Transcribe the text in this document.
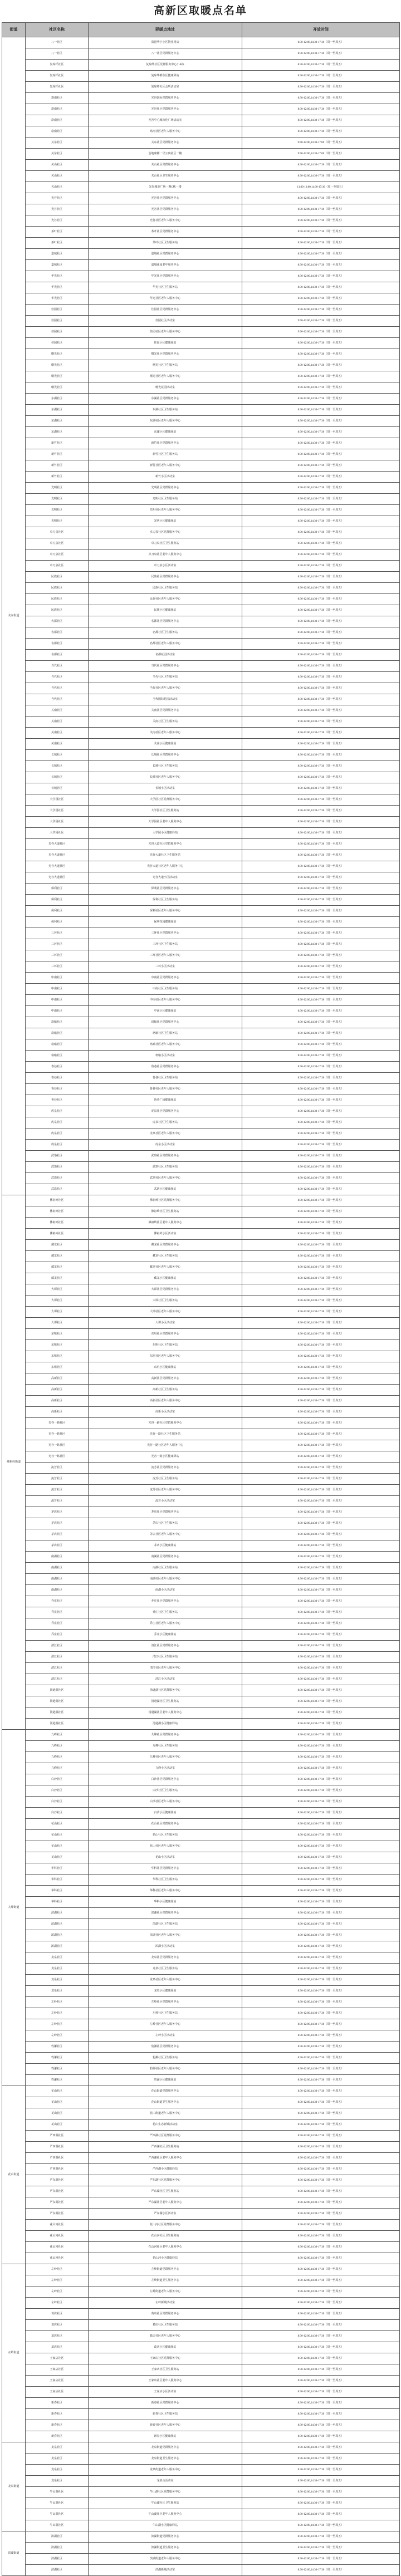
高新区取暖点名单
街道	社区名称	驿暖点地址	开放时间
关东街道	八一社区	盈港华宇小区物业用房	8:30-12:00,14:30-17:30（周一至周五）
	八一社区	八一社区党群服务中心	8:30-12:00,14:30-17:30（周一至周五）
	复琼纤社区	复琼纤社区党群服务中心小A栋	8:30-12:00,14:30-17:30（周一至周五）
	复琼纤社区	复琼华都东区健康驿站	8:30-12:00,14:30-17:30（周一至周五）
	复琼纤社区	复琼纤社区会所活动室	8:30-12:00,14:30-17:30（周一至周五）
	珞南社区	光谷国际党群服务中心	8:30-12:00,14:30-17:30（周一至周五）
	珞南社区	光谷社区党群服务中心	8:30-12:00,14:30-17:30（周一至周五）
	珞南社区	光谷中心城市化广场活动室	8:30-12:00,14:30-17:30（周一至周五）
	珞南社区	珞南社区老年人服务中心	8:30-12:00,14:30-17:30（周一至周五）
	关东社区	关东社区党群服务中心	9:00-12:00,14:30-17:00（周一至周五）
	关东社区	金地康郡一号公寓社区一楼	9:00-12:00,14:30-17:00（周一至周五）
	关山社区	关山社区党群服务中心	8:30-12:00,14:30-17:30（周一至周五）
	关山社区	关山社区卫生服务中心	8:30-12:00,14:30-17:30（周一至周五）
	关山社区	光谷城市广场一期C栋一楼	11:00-12:00,14:30-17:30（周一至周五）
	光谷社区	光谷社区党群服务中心	8:30-12:00,14:30-17:30（周一至周五）
	光谷社区	光谷社区党群服务中心	8:30-12:00,14:30-17:30（周一至周五）
	光谷社区	光谷社区老年人服务中心	8:30-12:00,14:30-17:30（周一至周五）
	茶叶社区	茶叶社区党群服务中心	8:30-12:00,14:30-17:30（周一至周五）
	茶叶社区	茶叶社区卫生服务站	8:30-12:00,14:30-17:30（周一至周五）
	嘉城社区	嘉城社区党群服务中心	8:30-12:00,14:30-17:30（周一至周五）
	嘉城社区	嘉城花园老年服务中心	8:30-12:00,14:30-17:30（周一至周五）
	华光社区	华光社区党群服务中心	8:30-12:00,14:30-17:30（周一至周五）
	华光社区	华光社区卫生服务站	8:30-12:00,14:30-17:30（周一至周五）
	华光社区	华光社区老年人服务中心	8:30-12:00,14:30-17:30（周一至周五）
	佳园社区	佳园社区党群服务中心	8:30-12:00,14:30-17:30（周一至周五）
	佳园社区	佳园社区活动室	9:00-12:00,14:30-17:30（周一至周五）
	佳园社区	佳园社区老年人服务中心	9:00-12:00,14:30-17:30（周一至周五）
	佳园社区	佳园小区健康驿站	8:30-12:00,14:30-17:30（周一至周五）
	曙光社区	曙光社区党群服务中心	8:30-12:00,14:30-17:30（周一至周五）
	曙光社区	曙光社区卫生服务站	8:30-12:00,14:30-17:30（周一至周五）
	曙光社区	曙光社区老年人服务中心	8:30-12:00,14:30-17:30（周一至周五）
	曙光社区	曙光花园活动室	8:30-12:00,14:30-17:30（周一至周五）
	东湖社区	东湖社区党群服务中心	8:30-12:00,14:30-17:30（周一至周五）
	东湖社区	东湖社区卫生服务站	8:30-12:00,14:30-17:30（周一至周五）
	东湖社区	东湖社区老年人服务中心	8:30-12:00,14:30-17:30（周一至周五）
	东湖社区	东湖小区健康驿站	8:30-12:00,14:30-17:30（周一至周五）
	新竹社区	新竹社区党群服务中心	8:30-12:00,14:30-17:30（周一至周五）
	新竹社区	新竹社区卫生服务站	8:30-12:00,14:30-17:30（周一至周五）
	新竹社区	新竹社区老年人服务中心	8:30-12:00,14:30-17:30（周一至周五）
	新竹社区	新竹小区活动室	8:30-12:00,14:30-17:30（周一至周五）
	光明社区	光明社区党群服务中心	8:30-12:00,14:30-17:30（周一至周五）
	光明社区	光明社区卫生服务站	8:30-12:00,14:30-17:30（周一至周五）
	光明社区	光明社区老年人服务中心	8:30-12:00,14:30-17:30（周一至周五）
	光明社区	光明小区健康驿站	8:30-12:00,14:30-17:30（周一至周五）
	卓刀泉社区	卓刀泉社区党群服务中心	8:30-12:00,14:30-17:30（周一至周五）
	卓刀泉社区	卓刀泉社区卫生服务站	8:30-12:00,14:30-17:30（周一至周五）
	卓刀泉社区	卓刀泉社区老年人服务中心	8:30-12:00,14:30-17:30（周一至周五）
	卓刀泉社区	卓刀泉小区活动室	8:30-12:00,14:30-17:30（周一至周五）
	民族社区	民族社区党群服务中心	8:30-12:00,14:30-17:30（周一至周五）
	民族社区	民族社区卫生服务站	8:30-12:00,14:30-17:30（周一至周五）
	民族社区	民族社区老年人服务中心	8:30-12:00,14:30-17:30（周一至周五）
	民族社区	民族小区健康驿站	8:30-12:00,14:30-17:30（周一至周五）
	名都社区	名都社区党群服务中心	8:30-12:00,14:30-17:30（周一至周五）
	名都社区	名都社区卫生服务站	8:30-12:00,14:30-17:30（周一至周五）
	名都社区	名都社区老年人服务中心	8:30-12:00,14:30-17:30（周一至周五）
	名都社区	名都花园活动室	8:30-12:00,14:30-17:30（周一至周五）
	当代社区	当代社区党群服务中心	8:30-12:00,14:30-17:30（周一至周五）
	当代社区	当代社区卫生服务站	8:30-12:00,14:30-17:30（周一至周五）
	当代社区	当代社区老年人服务中心	8:30-12:00,14:30-17:30（周一至周五）
	当代社区	当代国际花园活动室	8:30-12:00,14:30-17:30（周一至周五）
	关南社区	关南社区党群服务中心	8:30-12:00,14:30-17:30（周一至周五）
	关南社区	关南社区卫生服务站	8:30-12:00,14:30-17:30（周一至周五）
	关南社区	关南社区老年人服务中心	8:30-12:00,14:30-17:30（周一至周五）
	关南社区	关南小区健康驿站	8:30-12:00,14:30-17:30（周一至周五）
	长城社区	长城社区党群服务中心	8:30-12:00,14:30-17:30（周一至周五）
	长城社区	长城社区卫生服务站	8:30-12:00,14:30-17:30（周一至周五）
	长城社区	长城社区老年人服务中心	8:30-12:00,14:30-17:30（周一至周五）
	长城社区	长城小区活动室	8:30-12:00,14:30-17:30（周一至周五）
	大学园社区	大学园社区党群服务中心	8:30-12:00,14:30-17:30（周一至周五）
	大学园社区	大学园社区卫生服务站	8:30-12:00,14:30-17:30（周一至周五）
	大学园社区	大学园社区老年人服务中心	8:30-12:00,14:30-17:30（周一至周五）
	大学园社区	大学园小区健康驿站	8:30-12:00,14:30-17:30（周一至周五）
	光谷大道社区	光谷大道社区党群服务中心	8:30-12:00,14:30-17:30（周一至周五）
	光谷大道社区	光谷大道社区卫生服务站	8:30-12:00,14:30-17:30（周一至周五）
	光谷大道社区	光谷大道社区老年人服务中心	8:30-12:00,14:30-17:30（周一至周五）
	光谷大道社区	光谷大道小区活动室	8:30-12:00,14:30-17:30（周一至周五）
	保利社区	保利社区党群服务中心	8:30-12:00,14:30-17:30（周一至周五）
	保利社区	保利社区卫生服务站	8:30-12:00,14:30-17:30（周一至周五）
	保利社区	保利社区老年人服务中心	8:30-12:00,14:30-17:30（周一至周五）
	保利社区	保利花园健康驿站	8:30-12:00,14:30-17:30（周一至周五）
	三环社区	三环社区党群服务中心	8:30-12:00,14:30-17:30（周一至周五）
	三环社区	三环社区卫生服务站	8:30-12:00,14:30-17:30（周一至周五）
	三环社区	三环社区老年人服务中心	8:30-12:00,14:30-17:30（周一至周五）
	三环社区	三环小区活动室	8:30-12:00,14:30-17:30（周一至周五）
	中南社区	中南社区党群服务中心	8:30-12:00,14:30-17:30（周一至周五）
	中南社区	中南社区卫生服务站	8:30-12:00,14:30-17:30（周一至周五）
	中南社区	中南社区老年人服务中心	8:30-12:00,14:30-17:30（周一至周五）
	中南社区	中南小区健康驿站	8:30-12:00,14:30-17:30（周一至周五）
	珞喻社区	珞喻社区党群服务中心	8:30-12:00,14:30-17:30（周一至周五）
	珞喻社区	珞喻社区卫生服务站	8:30-12:00,14:30-17:30（周一至周五）
	珞喻社区	珞喻社区老年人服务中心	8:30-12:00,14:30-17:30（周一至周五）
	珞喻社区	珞喻小区活动室	8:30-12:00,14:30-17:30（周一至周五）
	鲁巷社区	鲁巷社区党群服务中心	8:30-12:00,14:30-17:30（周一至周五）
	鲁巷社区	鲁巷社区卫生服务站	8:30-12:00,14:30-17:30（周一至周五）
	鲁巷社区	鲁巷社区老年人服务中心	8:30-12:00,14:30-17:30（周一至周五）
	鲁巷社区	鲁巷广场健康驿站	8:30-12:00,14:30-17:30（周一至周五）
	虎泉社区	虎泉社区党群服务中心	8:30-12:00,14:30-17:30（周一至周五）
	虎泉社区	虎泉社区卫生服务站	8:30-12:00,14:30-17:30（周一至周五）
	虎泉社区	虎泉社区老年人服务中心	8:30-12:00,14:30-17:30（周一至周五）
	虎泉社区	虎泉小区活动室	8:30-12:00,14:30-17:30（周一至周五）
	武珞社区	武珞社区党群服务中心	8:30-12:00,14:30-17:30（周一至周五）
	武珞社区	武珞社区卫生服务站	8:30-12:00,14:30-17:30（周一至周五）
	武珞社区	武珞社区老年人服务中心	8:30-12:00,14:30-17:30（周一至周五）
	武珞社区	武珞小区健康驿站	8:30-12:00,14:30-17:30（周一至周五）
佛祖岭街道	佛祖岭社区	佛祖岭社区党群服务中心	8:30-12:00,14:30-17:30（周一至周五）
	佛祖岭社区	佛祖岭社区卫生服务站	8:30-12:00,14:30-17:30（周一至周五）
	佛祖岭社区	佛祖岭社区老年人服务中心	8:30-12:00,14:30-17:30（周一至周五）
	佛祖岭社区	佛祖岭小区活动室	8:30-12:00,14:30-17:30（周一至周五）
	藏龙社区	藏龙社区党群服务中心	8:30-12:00,14:30-17:30（周一至周五）
	藏龙社区	藏龙社区卫生服务站	8:30-12:00,14:30-17:30（周一至周五）
	藏龙社区	藏龙社区老年人服务中心	8:30-12:00,14:30-17:30（周一至周五）
	藏龙社区	藏龙小区健康驿站	8:30-12:00,14:30-17:30（周一至周五）
	大谭社区	大谭社区党群服务中心	8:30-12:00,14:30-17:30（周一至周五）
	大谭社区	大谭社区卫生服务站	8:30-12:00,14:30-17:30（周一至周五）
	大谭社区	大谭社区老年人服务中心	8:30-12:00,14:30-17:30（周一至周五）
	大谭社区	大谭小区活动室	8:30-12:00,14:30-17:30（周一至周五）
	东咀社区	东咀社区党群服务中心	8:30-12:00,14:30-17:30（周一至周五）
	东咀社区	东咀社区卫生服务站	8:30-12:00,14:30-17:30（周一至周五）
	东咀社区	东咀社区老年人服务中心	8:30-12:00,14:30-17:30（周一至周五）
	东咀社区	东咀小区健康驿站	8:30-12:00,14:30-17:30（周一至周五）
	高新社区	高新社区党群服务中心	8:30-12:00,14:30-17:30（周一至周五）
	高新社区	高新社区卫生服务站	8:30-12:00,14:30-17:30（周一至周五）
	高新社区	高新社区老年人服务中心	8:30-12:00,14:30-17:30（周一至周五）
	高新社区	高新小区活动室	8:30-12:00,14:30-17:30（周一至周五）
	光谷一路社区	光谷一路社区党群服务中心	8:30-12:00,14:30-17:30（周一至周五）
	光谷一路社区	光谷一路社区卫生服务站	8:30-12:00,14:30-17:30（周一至周五）
	光谷一路社区	光谷一路社区老年人服务中心	8:30-12:00,14:30-17:30（周一至周五）
	光谷一路社区	光谷一路小区健康驿站	8:30-12:00,14:30-17:30（周一至周五）
	流芳社区	流芳社区党群服务中心	8:30-12:00,14:30-17:30（周一至周五）
	流芳社区	流芳社区卫生服务站	8:30-12:00,14:30-17:30（周一至周五）
	流芳社区	流芳社区老年人服务中心	8:30-12:00,14:30-17:30（周一至周五）
	流芳社区	流芳小区活动室	8:30-12:00,14:30-17:30（周一至周五）
	茅店社区	茅店社区党群服务中心	8:30-12:00,14:30-17:30（周一至周五）
	茅店社区	茅店社区卫生服务站	8:30-12:00,14:30-17:30（周一至周五）
	茅店社区	茅店社区老年人服务中心	8:30-12:00,14:30-17:30（周一至周五）
	茅店社区	茅店小区健康驿站	8:30-12:00,14:30-17:30（周一至周五）
	南湖社区	南湖社区党群服务中心	8:30-12:00,14:30-17:30（周一至周五）
	南湖社区	南湖社区卫生服务站	8:30-12:00,14:30-17:30（周一至周五）
	南湖社区	南湖社区老年人服务中心	8:30-12:00,14:30-17:30（周一至周五）
	南湖社区	南湖小区活动室	8:30-12:00,14:30-17:30（周一至周五）
	乔庄社区	乔庄社区党群服务中心	8:30-12:00,14:30-17:30（周一至周五）
	乔庄社区	乔庄社区卫生服务站	8:30-12:00,14:30-17:30（周一至周五）
	乔庄社区	乔庄社区老年人服务中心	8:30-12:00,14:30-17:30（周一至周五）
	乔庄社区	乔庄小区健康驿站	8:30-12:00,14:30-17:30（周一至周五）
	清江社区	清江社区党群服务中心	8:30-12:00,14:30-17:30（周一至周五）
	清江社区	清江社区卫生服务站	8:30-12:00,14:30-17:30（周一至周五）
	清江社区	清江社区老年人服务中心	8:30-12:00,14:30-17:30（周一至周五）
	清江社区	清江小区活动室	8:30-12:00,14:30-17:30（周一至周五）
	汤逊湖社区	汤逊湖社区党群服务中心	8:30-12:00,14:30-17:30（周一至周五）
	汤逊湖社区	汤逊湖社区卫生服务站	8:30-12:00,14:30-17:30（周一至周五）
	汤逊湖社区	汤逊湖社区老年人服务中心	8:30-12:00,14:30-17:30（周一至周五）
	汤逊湖社区	汤逊湖小区健康驿站	8:30-12:00,14:30-17:30（周一至周五）
九峰街道	九峰社区	九峰社区党群服务中心	8:30-12:00,14:30-17:30（周一至周五）
	九峰社区	九峰社区卫生服务站	8:30-12:00,14:30-17:30（周一至周五）
	九峰社区	九峰社区老年人服务中心	8:30-12:00,14:30-17:30（周一至周五）
	九峰社区	九峰小区活动室	8:30-12:00,14:30-17:30（周一至周五）
	白沙社区	白沙社区党群服务中心	8:30-12:00,14:30-17:30（周一至周五）
	白沙社区	白沙社区卫生服务站	8:30-12:00,14:30-17:30（周一至周五）
	白沙社区	白沙社区老年人服务中心	8:30-12:00,14:30-17:30（周一至周五）
	白沙社区	白沙小区健康驿站	8:30-12:00,14:30-17:30（周一至周五）
	花山社区	花山社区党群服务中心	8:30-12:00,14:30-17:30（周一至周五）
	花山社区	花山社区卫生服务站	8:30-12:00,14:30-17:30（周一至周五）
	花山社区	花山社区老年人服务中心	8:30-12:00,14:30-17:30（周一至周五）
	花山社区	花山小区活动室	8:30-12:00,14:30-17:30（周一至周五）
	华科社区	华科社区党群服务中心	8:30-12:00,14:30-17:30（周一至周五）
	华科社区	华科社区卫生服务站	8:30-12:00,14:30-17:30（周一至周五）
	华科社区	华科社区老年人服务中心	8:30-12:00,14:30-17:30（周一至周五）
	华科社区	华科小区健康驿站	8:30-12:00,14:30-17:30（周一至周五）
	滨湖社区	滨湖社区党群服务中心	8:30-12:00,14:30-17:30（周一至周五）
	滨湖社区	滨湖社区卫生服务站	8:30-12:00,14:30-17:30（周一至周五）
	滨湖社区	滨湖社区老年人服务中心	8:30-12:00,14:30-17:30（周一至周五）
	滨湖社区	滨湖小区活动室	8:30-12:00,14:30-17:30（周一至周五）
	龙泉社区	龙泉社区党群服务中心	8:30-12:00,14:30-17:30（周一至周五）
	龙泉社区	龙泉社区卫生服务站	8:30-12:00,14:30-17:30（周一至周五）
	龙泉社区	龙泉社区老年人服务中心	8:30-12:00,14:30-17:30（周一至周五）
	龙泉社区	龙泉小区健康驿站	8:30-12:00,14:30-17:30（周一至周五）
	左岭社区	左岭社区党群服务中心	8:30-12:00,14:30-17:30（周一至周五）
	左岭社区	左岭社区卫生服务站	8:30-12:00,14:30-17:30（周一至周五）
	左岭社区	左岭社区老年人服务中心	8:30-12:00,14:30-17:30（周一至周五）
	左岭社区	左岭小区活动室	8:30-12:00,14:30-17:30（周一至周五）
	豹澥社区	豹澥社区党群服务中心	8:30-12:00,14:30-17:30（周一至周五）
	豹澥社区	豹澥社区卫生服务站	8:30-12:00,14:30-17:30（周一至周五）
	豹澥社区	豹澥社区老年人服务中心	8:30-12:00,14:30-17:30（周一至周五）
	豹澥社区	豹澥小区健康驿站	8:30-12:00,14:30-17:30（周一至周五）
花山街道	花山社区	花山街道党群服务中心	8:30-12:00,14:30-17:30（周一至周五）
	花山社区	花山街道卫生服务中心	8:30-12:00,14:30-17:30（周一至周五）
	花山社区	花山街道老年人服务中心	8:30-12:00,14:30-17:30（周一至周五）
	花山社区	花山生态新城活动室	8:30-12:00,14:30-17:30（周一至周五）
	严西湖社区	严西湖社区党群服务中心	8:30-12:00,14:30-17:30（周一至周五）
	严西湖社区	严西湖社区卫生服务站	8:30-12:00,14:30-17:30（周一至周五）
	严西湖社区	严西湖社区老年人服务中心	8:30-12:00,14:30-17:30（周一至周五）
	严西湖社区	严西湖小区健康驿站	8:30-12:00,14:30-17:30（周一至周五）
	严东湖社区	严东湖社区党群服务中心	8:30-12:00,14:30-17:30（周一至周五）
	严东湖社区	严东湖社区卫生服务站	8:30-12:00,14:30-17:30（周一至周五）
	严东湖社区	严东湖社区老年人服务中心	8:30-12:00,14:30-17:30（周一至周五）
	严东湖社区	严东湖小区活动室	8:30-12:00,14:30-17:30（周一至周五）
	花山河社区	花山河社区党群服务中心	8:30-12:00,14:30-17:30（周一至周五）
	花山河社区	花山河社区卫生服务站	8:30-12:00,14:30-17:30（周一至周五）
	花山河社区	花山河社区老年人服务中心	8:30-12:00,14:30-17:30（周一至周五）
	花山河社区	花山河小区健康驿站	8:30-12:00,14:30-17:30（周一至周五）
左岭街道	左岭社区	左岭街道党群服务中心	8:30-12:00,14:30-17:30（周一至周五）
	左岭社区	左岭街道卫生服务中心	8:30-12:00,14:30-17:30（周一至周五）
	左岭社区	左岭街道老年人服务中心	8:30-12:00,14:30-17:30（周一至周五）
	左岭社区	左岭新城活动室	8:30-12:00,14:30-17:30（周一至周五）
	葛店社区	葛店社区党群服务中心	8:30-12:00,14:30-17:30（周一至周五）
	葛店社区	葛店社区卫生服务站	8:30-12:00,14:30-17:30（周一至周五）
	葛店社区	葛店社区老年人服务中心	8:30-12:00,14:30-17:30（周一至周五）
	葛店社区	葛店小区健康驿站	8:30-12:00,14:30-17:30（周一至周五）
	王家店社区	王家店社区党群服务中心	8:30-12:00,14:30-17:30（周一至周五）
	王家店社区	王家店社区卫生服务站	8:30-12:00,14:30-17:30（周一至周五）
	王家店社区	王家店社区老年人服务中心	8:30-12:00,14:30-17:30（周一至周五）
	王家店社区	王家店小区活动室	8:30-12:00,14:30-17:30（周一至周五）
	新春社区	新春社区党群服务中心	8:30-12:00,14:30-17:30（周一至周五）
	新春社区	新春社区卫生服务站	8:30-12:00,14:30-17:30（周一至周五）
	新春社区	新春社区老年人服务中心	8:30-12:00,14:30-17:30（周一至周五）
	新春社区	新春小区健康驿站	8:30-12:00,14:30-17:30（周一至周五）
龙泉街道	龙泉社区	龙泉街道党群服务中心	8:30-12:00,14:30-17:30（周一至周五）
	龙泉社区	龙泉街道卫生服务中心	8:30-12:00,14:30-17:30（周一至周五）
	龙泉社区	龙泉街道老年人服务中心	8:30-12:00,14:30-17:30（周一至周五）
	龙泉社区	龙泉山活动室	8:30-12:00,14:30-17:30（周一至周五）
	牛山湖社区	牛山湖社区党群服务中心	8:30-12:00,14:30-17:30（周一至周五）
	牛山湖社区	牛山湖社区卫生服务站	8:30-12:00,14:30-17:30（周一至周五）
	牛山湖社区	牛山湖社区老年人服务中心	8:30-12:00,14:30-17:30（周一至周五）
	牛山湖社区	牛山湖小区健康驿站	8:30-12:00,14:30-17:30（周一至周五）
滨湖街道	滨湖社区	滨湖街道党群服务中心	8:30-12:00,14:30-17:30（周一至周五）
	滨湖社区	滨湖街道卫生服务中心	8:30-12:00,14:30-17:30（周一至周五）
	滨湖社区	滨湖街道老年人服务中心	8:30-12:00,14:30-17:30（周一至周五）
	滨湖社区	滨湖新城活动室	8:30-12:00,14:30-17:30（周一至周五）
